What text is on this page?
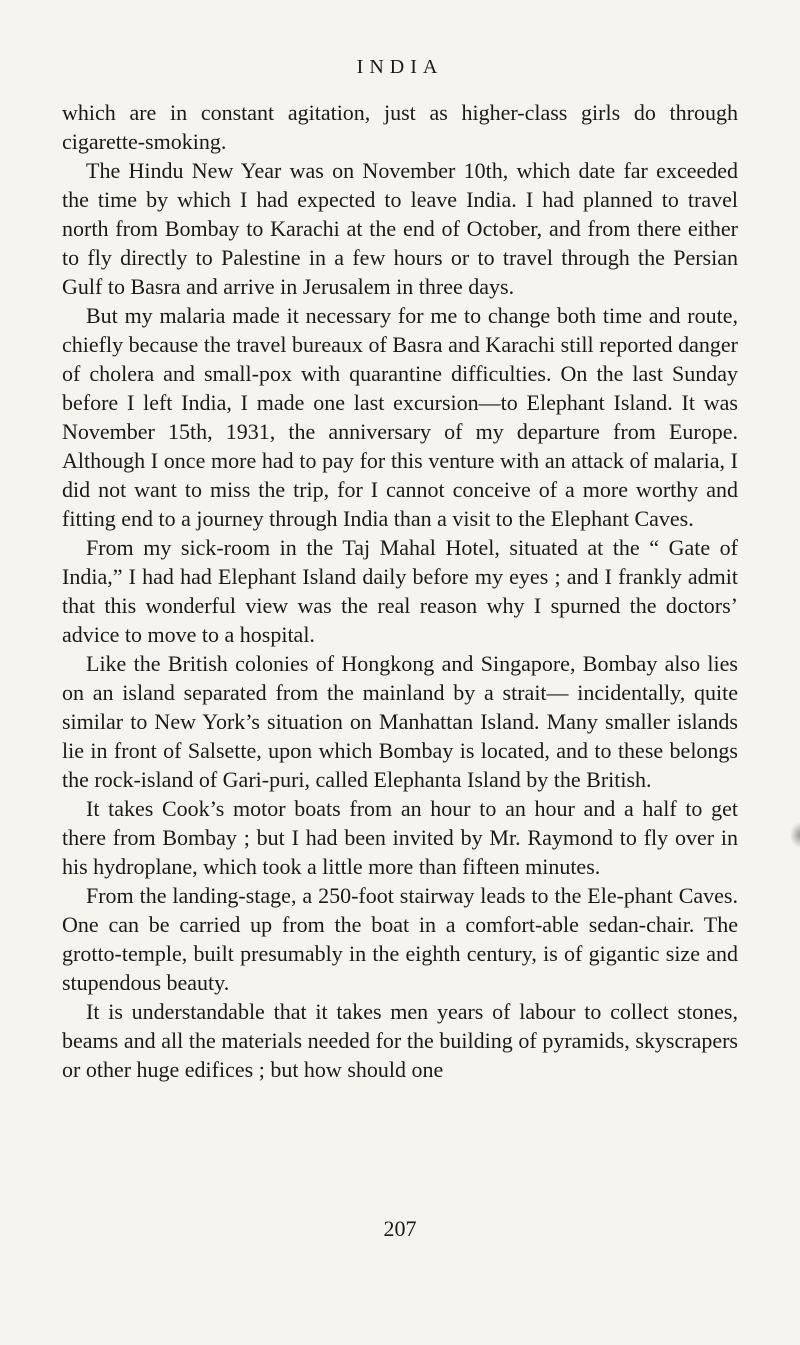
INDIA

which are in constant agitation, just as higher-class girls do through cigarette-smoking.

The Hindu New Year was on November 10th, which date far exceeded the time by which I had expected to leave India. I had planned to travel north from Bombay to Karachi at the end of October, and from there either to fly directly to Palestine in a few hours or to travel through the Persian Gulf to Basra and arrive in Jerusalem in three days.

But my malaria made it necessary for me to change both time and route, chiefly because the travel bureaux of Basra and Karachi still reported danger of cholera and small-pox with quarantine difficulties. On the last Sunday before I left India, I made one last excursion—to Elephant Island. It was November 15th, 1931, the anniversary of my departure from Europe. Although I once more had to pay for this venture with an attack of malaria, I did not want to miss the trip, for I cannot conceive of a more worthy and fitting end to a journey through India than a visit to the Elephant Caves.

From my sick-room in the Taj Mahal Hotel, situated at the “ Gate of India,” I had had Elephant Island daily before my eyes ; and I frankly admit that this wonderful view was the real reason why I spurned the doctors’ advice to move to a hospital.

Like the British colonies of Hongkong and Singapore, Bombay also lies on an island separated from the mainland by a strait— incidentally, quite similar to New York’s situation on Manhattan Island. Many smaller islands lie in front of Salsette, upon which Bombay is located, and to these belongs the rock-island of Gari-puri, called Elephanta Island by the British.

It takes Cook’s motor boats from an hour to an hour and a half to get there from Bombay ; but I had been invited by Mr. Raymond to fly over in his hydroplane, which took a little more than fifteen minutes.

From the landing-stage, a 250-foot stairway leads to the Ele-phant Caves. One can be carried up from the boat in a comfort-able sedan-chair. The grotto-temple, built presumably in the eighth century, is of gigantic size and stupendous beauty.

It is understandable that it takes men years of labour to collect stones, beams and all the materials needed for the building of pyramids, skyscrapers or other huge edifices ; but how should one

207
